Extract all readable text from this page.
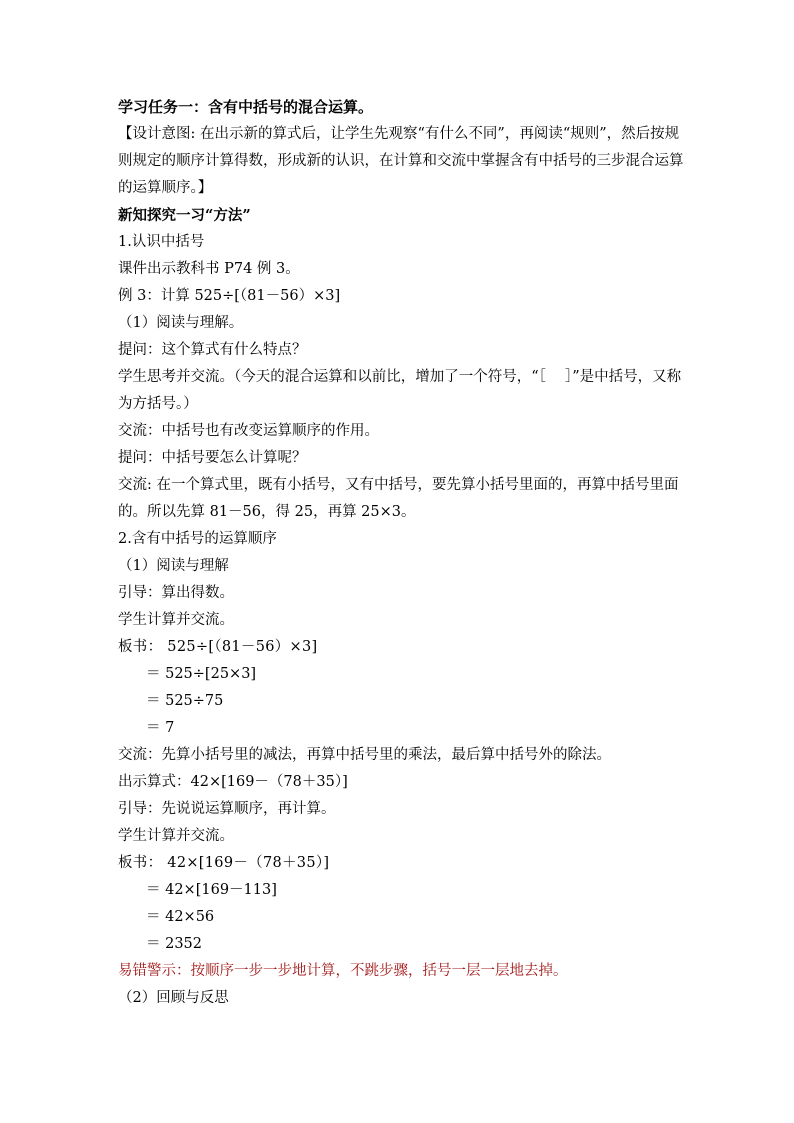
学习任务一：含有中括号的混合运算。
【设计意图: 在出示新的算式后，让学生先观察“有什么不同”，再阅读“规则”，然后按规则规定的顺序计算得数，形成新的认识，在计算和交流中掌握含有中括号的三步混合运算的运算顺序。】
新知探究一习“方法”
1.认识中括号
课件出示教科书 P74 例 3。
例 3：计算 525÷[（81－56）×3]
（1）阅读与理解。
提问：这个算式有什么特点？
学生思考并交流。（今天的混合运算和以前比，增加了一个符号，“［　 ］”是中括号，又称为方括号。）
交流：中括号也有改变运算顺序的作用。
提问：中括号要怎么计算呢？
交流: 在一个算式里，既有小括号，又有中括号，要先算小括号里面的，再算中括号里面的。所以先算 81－56，得 25，再算 25×3。
2.含有中括号的运算顺序
（1）阅读与理解
引导：算出得数。
学生计算并交流。
板书： 525÷[（81－56）×3]
＝ 525÷[25×3]
＝ 525÷75
＝ 7
交流：先算小括号里的减法，再算中括号里的乘法，最后算中括号外的除法。
出示算式：42×[169－（78＋35）]
引导：先说说运算顺序，再计算。
学生计算并交流。
板书： 42×[169－（78＋35）]
＝ 42×[169－113]
＝ 42×56
＝ 2352
易错警示：按顺序一步一步地计算，不跳步骤，括号一层一层地去掉。
（2）回顾与反思
